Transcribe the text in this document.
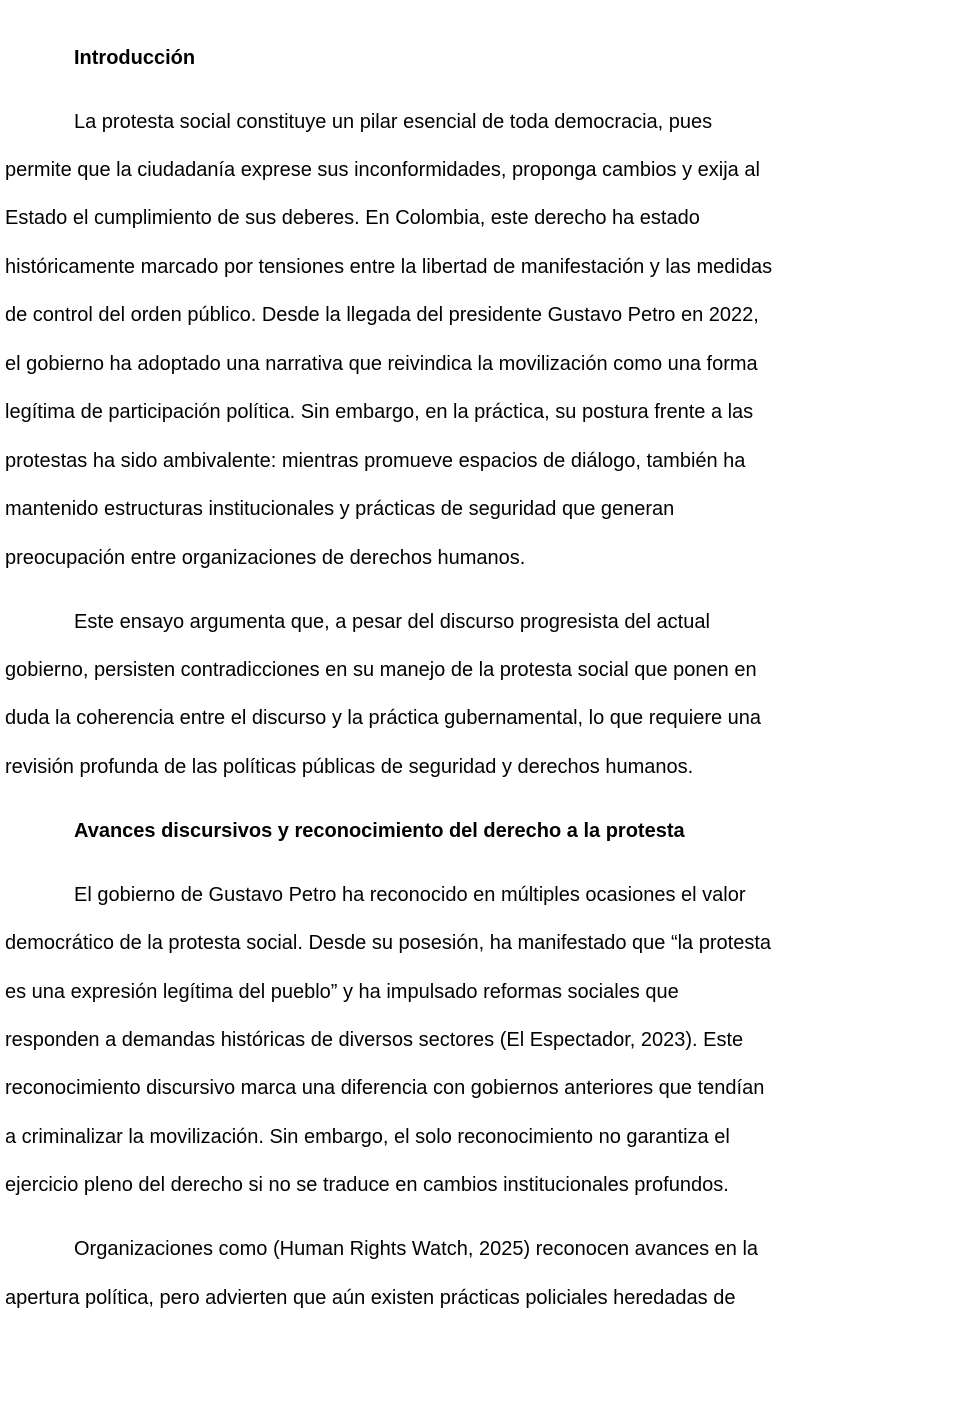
Introducción

La protesta social constituye un pilar esencial de toda democracia, pues

permite que la ciudadanía exprese sus inconformidades, proponga cambios y exija al

Estado el cumplimiento de sus deberes. En Colombia, este derecho ha estado

históricamente marcado por tensiones entre la libertad de manifestación y las medidas

de control del orden público. Desde la llegada del presidente Gustavo Petro en 2022,

el gobierno ha adoptado una narrativa que reivindica la movilización como una forma

legítima de participación política. Sin embargo, en la práctica, su postura frente a las

protestas ha sido ambivalente: mientras promueve espacios de diálogo, también ha

mantenido estructuras institucionales y prácticas de seguridad que generan

preocupación entre organizaciones de derechos humanos.

Este ensayo argumenta que, a pesar del discurso progresista del actual

gobierno, persisten contradicciones en su manejo de la protesta social que ponen en

duda la coherencia entre el discurso y la práctica gubernamental, lo que requiere una

revisión profunda de las políticas públicas de seguridad y derechos humanos.

Avances discursivos y reconocimiento del derecho a la protesta

El gobierno de Gustavo Petro ha reconocido en múltiples ocasiones el valor

democrático de la protesta social. Desde su posesión, ha manifestado que “la protesta

es una expresión legítima del pueblo” y ha impulsado reformas sociales que

responden a demandas históricas de diversos sectores (El Espectador, 2023). Este

reconocimiento discursivo marca una diferencia con gobiernos anteriores que tendían

a criminalizar la movilización. Sin embargo, el solo reconocimiento no garantiza el

ejercicio pleno del derecho si no se traduce en cambios institucionales profundos.

Organizaciones como (Human Rights Watch, 2025) reconocen avances en la

apertura política, pero advierten que aún existen prácticas policiales heredadas de
